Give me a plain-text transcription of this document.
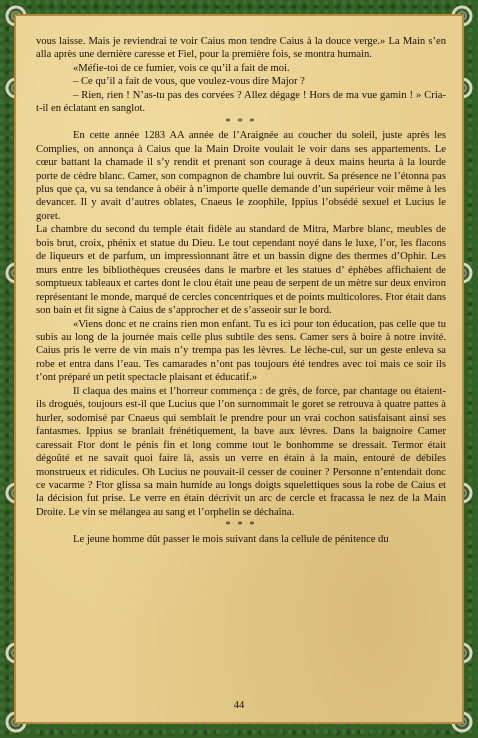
vous laisse. Mais je reviendrai te voir Caius mon tendre Caius à la douce verge.» La Main s’en alla après une dernière caresse et Fiel, pour la première fois, se montra humain.

«Méfie-toi de ce fumier, vois ce qu’il a fait de moi.

– Ce qu’il a fait de vous, que voulez-vous dire Major ?

– Rien, rien ! N’as-tu pas des corvées ? Allez dégage ! Hors de ma vue gamin ! » Cria-t-il en éclatant en sanglot.

* * *

En cette année 1283 AA année de l’Araignée au coucher du soleil, juste après les Complies, on annonça à Caius que la Main Droite voulait le voir dans ses appartements. Le cœur battant la chamade il s’y rendit et prenant son courage à deux mains heurta à la lourde porte de cèdre blanc. Camer, son compagnon de chambre lui ouvrit. Sa présence ne l’étonna pas plus que ça, vu sa tendance à obéir à n’importe quelle demande d’un supérieur voir même à les devancer. Il y avait d’autres oblates, Cnaeus le zoophile, Ippius l’obsédé sexuel et Lucius le goret.

La chambre du second du temple était fidèle au standard de Mitra, Marbre blanc, meubles de bois brut, croix, phénix et statue du Dieu. Le tout cependant noyé dans le luxe, l’or, les flacons de liqueurs et de parfum, un impressionnant âtre et un bassin digne des thermes d’Ophir. Les murs entre les bibliothèques creusées dans le marbre et les statues d’ éphèbes affichaient de somptueux tableaux et cartes dont le clou était une peau de serpent de un mètre sur deux environ représentant le monde, marqué de cercles concentriques et de points multicolores. Ftor était dans son bain et fit signe à Caius de s’approcher et de s’asseoir sur le bord.

«Viens donc et ne crains rien mon enfant. Tu es ici pour ton éducation, pas celle que tu subis au long de la journée mais celle plus subtile des sens. Camer sers à boire à notre invité. Caius pris le verre de vin mais n’y trempa pas les lèvres. Le lèche-cul, sur un geste enleva sa robe et entra dans l’eau. Tes camarades n’ont pas toujours été tendres avec toi mais ce soir ils t’ont préparé un petit spectacle plaisant et éducatif.»

Il claqua des mains et l’horreur commença : de grès, de force, par chantage ou étaient-ils drogués, toujours est-il que Lucius que l’on surnommait le goret se retrouva à quatre pattes à hurler, sodomisé par Cnaeus qui semblait le prendre pour un vrai cochon satisfaisant ainsi ses fantasmes. Ippius se branlait frénétiquement, la bave aux lèvres. Dans la baignoire Camer caressait Ftor dont le pénis fin et long comme tout le bonhomme se dressait. Termor était dégoûté et ne savait quoi faire là, assis un verre en étain à la main, entouré de débiles monstrueux et ridicules. Oh Lucius ne pouvait-il cesser de couiner ? Personne n’entendait donc ce vacarme ? Ftor glissa sa main humide au longs doigts squelettiques sous la robe de Caius et la décision fut prise. Le verre en étain décrivit un arc de cercle et fracassa le nez de la Main Droite. Le vin se mélangea au sang et l’orphelin se déchaîna.

* * *

Le jeune homme dût passer le mois suivant dans la cellule de pénitence du

44
